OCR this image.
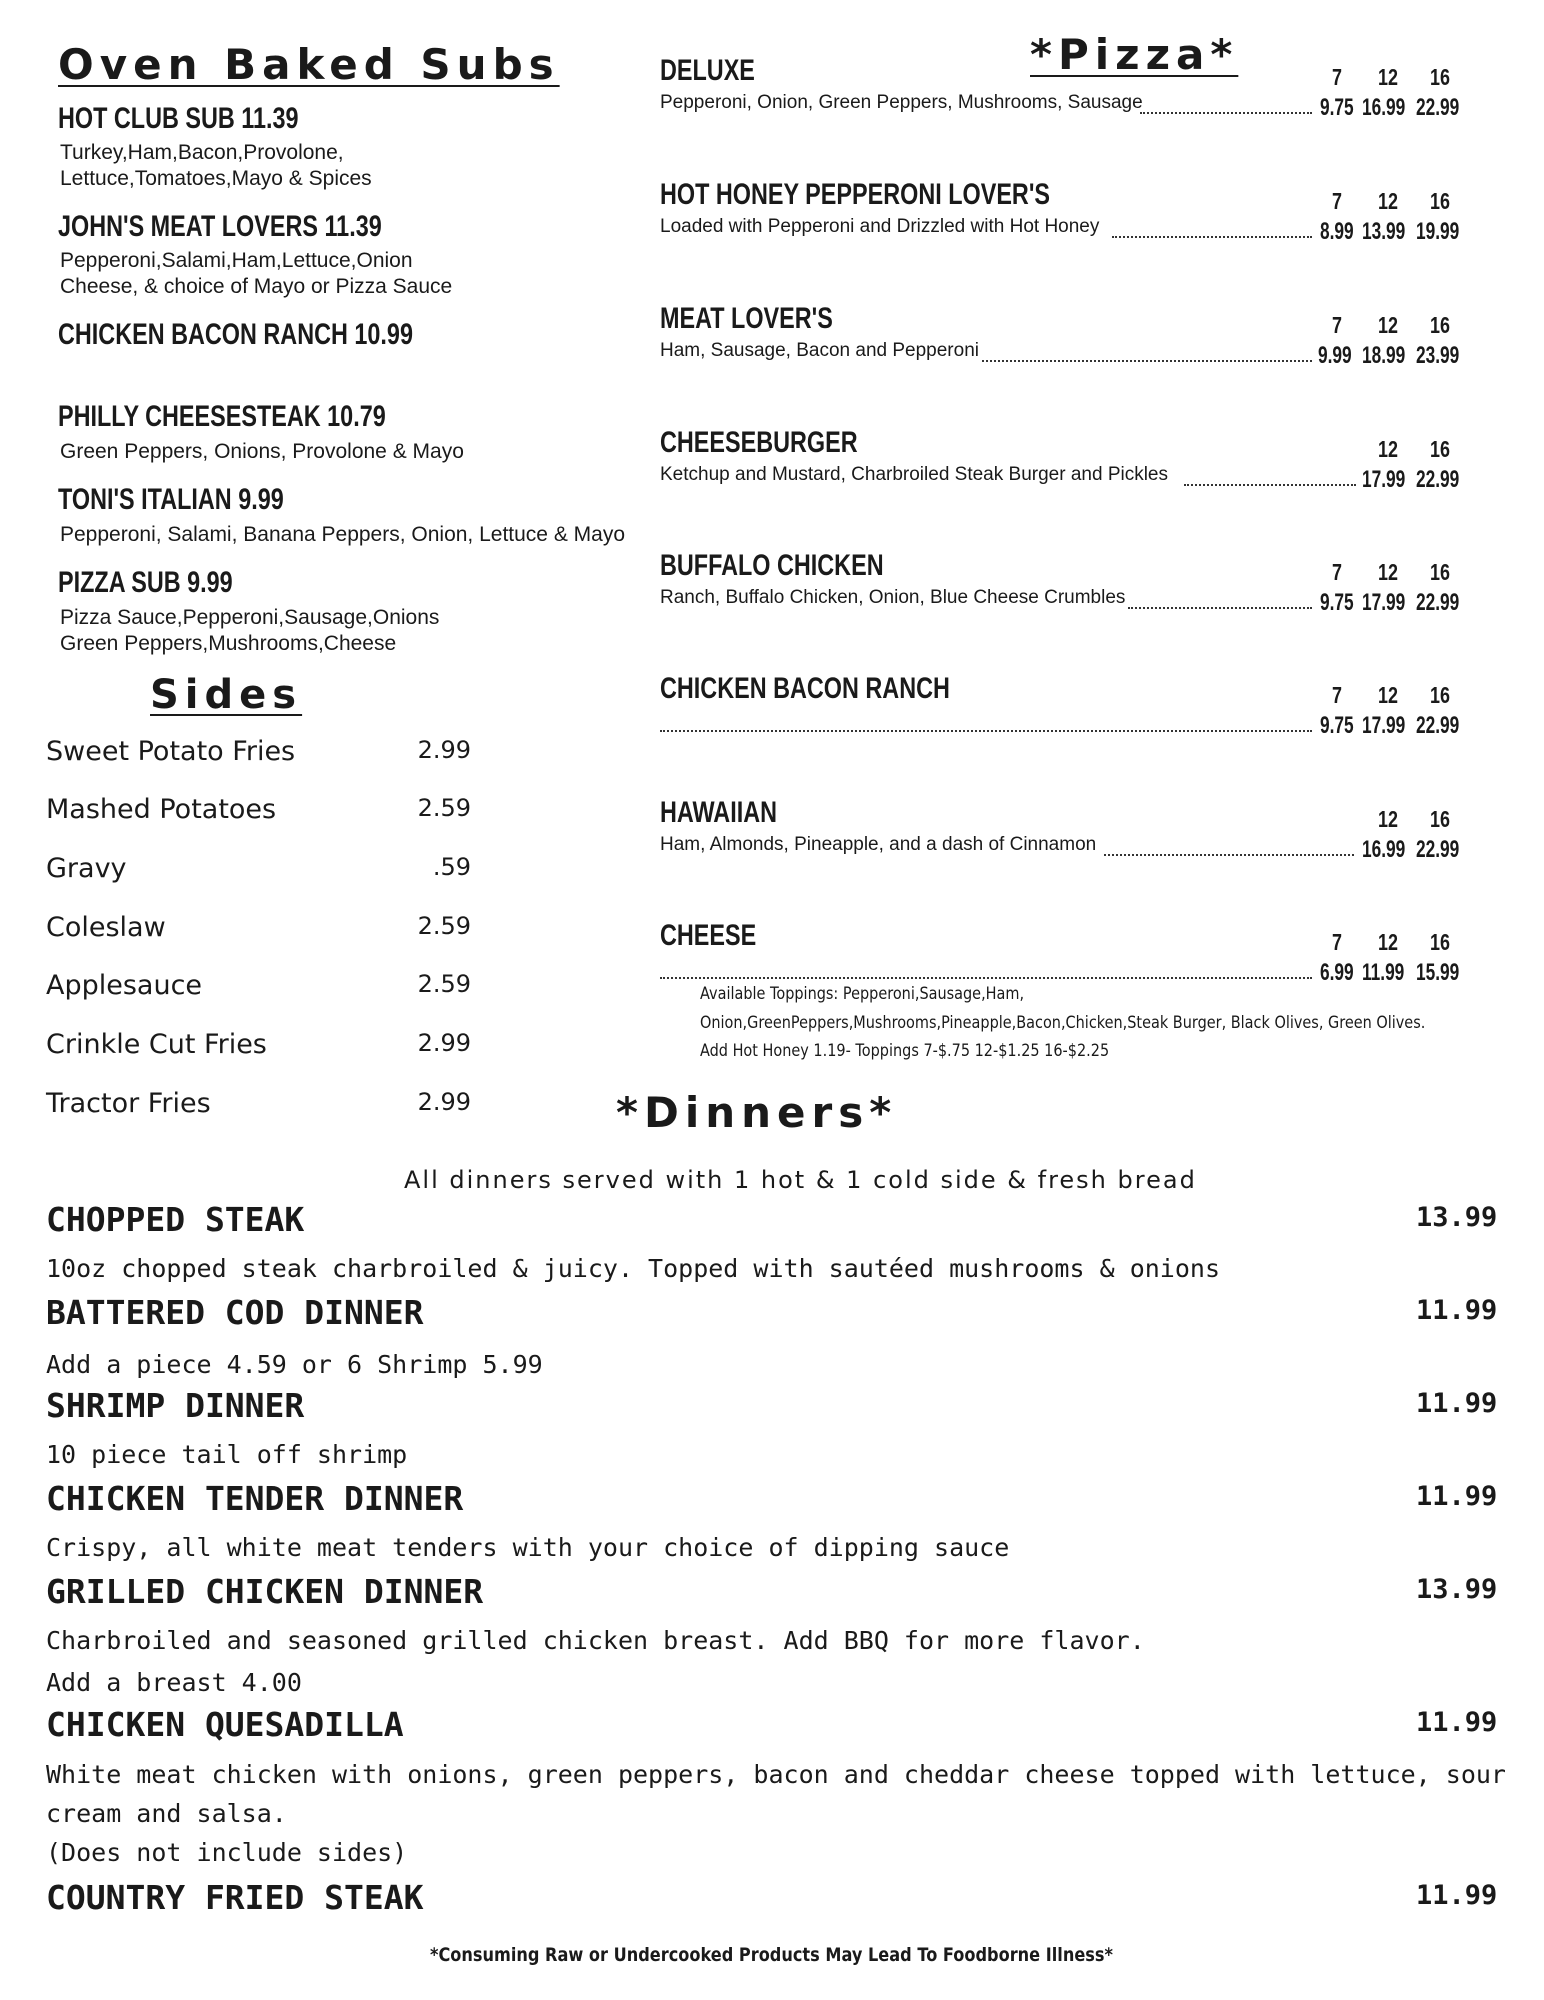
Oven Baked Subs
HOT CLUB SUB 11.39
Turkey,Ham,Bacon,Provolone,
Lettuce,Tomatoes,Mayo & Spices
JOHN'S MEAT LOVERS 11.39
Pepperoni,Salami,Ham,Lettuce,Onion
Cheese, & choice of Mayo or Pizza Sauce
CHICKEN BACON RANCH 10.99
PHILLY CHEESESTEAK 10.79
Green Peppers, Onions, Provolone & Mayo
TONI'S ITALIAN 9.99
Pepperoni, Salami, Banana Peppers, Onion, Lettuce & Mayo
PIZZA SUB 9.99
Pizza Sauce,Pepperoni,Sausage,Onions
Green Peppers,Mushrooms,Cheese
Sides
Sweet Potato Fries	2.99
Mashed Potatoes	2.59
Gravy	.59
Coleslaw	2.59
Applesauce	2.59
Crinkle Cut Fries	2.99
Tractor Fries	2.99
*Pizza*
DELUXE	7 12 16
Pepperoni, Onion, Green Peppers, Mushrooms, Sausage	9.75 16.99 22.99
HOT HONEY PEPPERONI LOVER'S	7 12 16
Loaded with Pepperoni and Drizzled with Hot Honey	8.99 13.99 19.99
MEAT LOVER'S	7 12 16
Ham, Sausage, Bacon and Pepperoni	9.99 18.99 23.99
CHEESEBURGER	12 16
Ketchup and Mustard, Charbroiled Steak Burger and Pickles	17.99 22.99
BUFFALO CHICKEN	7 12 16
Ranch, Buffalo Chicken, Onion, Blue Cheese Crumbles	9.75 17.99 22.99
CHICKEN BACON RANCH	7 12 16
9.75 17.99 22.99
HAWAIIAN	12 16
Ham, Almonds, Pineapple, and a dash of Cinnamon	16.99 22.99
CHEESE	7 12 16
6.99 11.99 15.99
Available Toppings: Pepperoni,Sausage,Ham,
Onion,GreenPeppers,Mushrooms,Pineapple,Bacon,Chicken,Steak Burger, Black Olives, Green Olives.
Add Hot Honey 1.19- Toppings 7-$.75 12-$1.25 16-$2.25
*Dinners*
All dinners served with 1 hot & 1 cold side & fresh bread
CHOPPED STEAK	13.99
10oz chopped steak charbroiled & juicy. Topped with sautéed mushrooms & onions
BATTERED COD DINNER	11.99
Add a piece 4.59 or 6 Shrimp 5.99
SHRIMP DINNER	11.99
10 piece tail off shrimp
CHICKEN TENDER DINNER	11.99
Crispy, all white meat tenders with your choice of dipping sauce
GRILLED CHICKEN DINNER	13.99
Charbroiled and seasoned grilled chicken breast. Add BBQ for more flavor.
Add a breast 4.00
CHICKEN QUESADILLA	11.99
White meat chicken with onions, green peppers, bacon and cheddar cheese topped with lettuce, sour
cream and salsa.
(Does not include sides)
COUNTRY FRIED STEAK	11.99
*Consuming Raw or Undercooked Products May Lead To Foodborne Illness*
